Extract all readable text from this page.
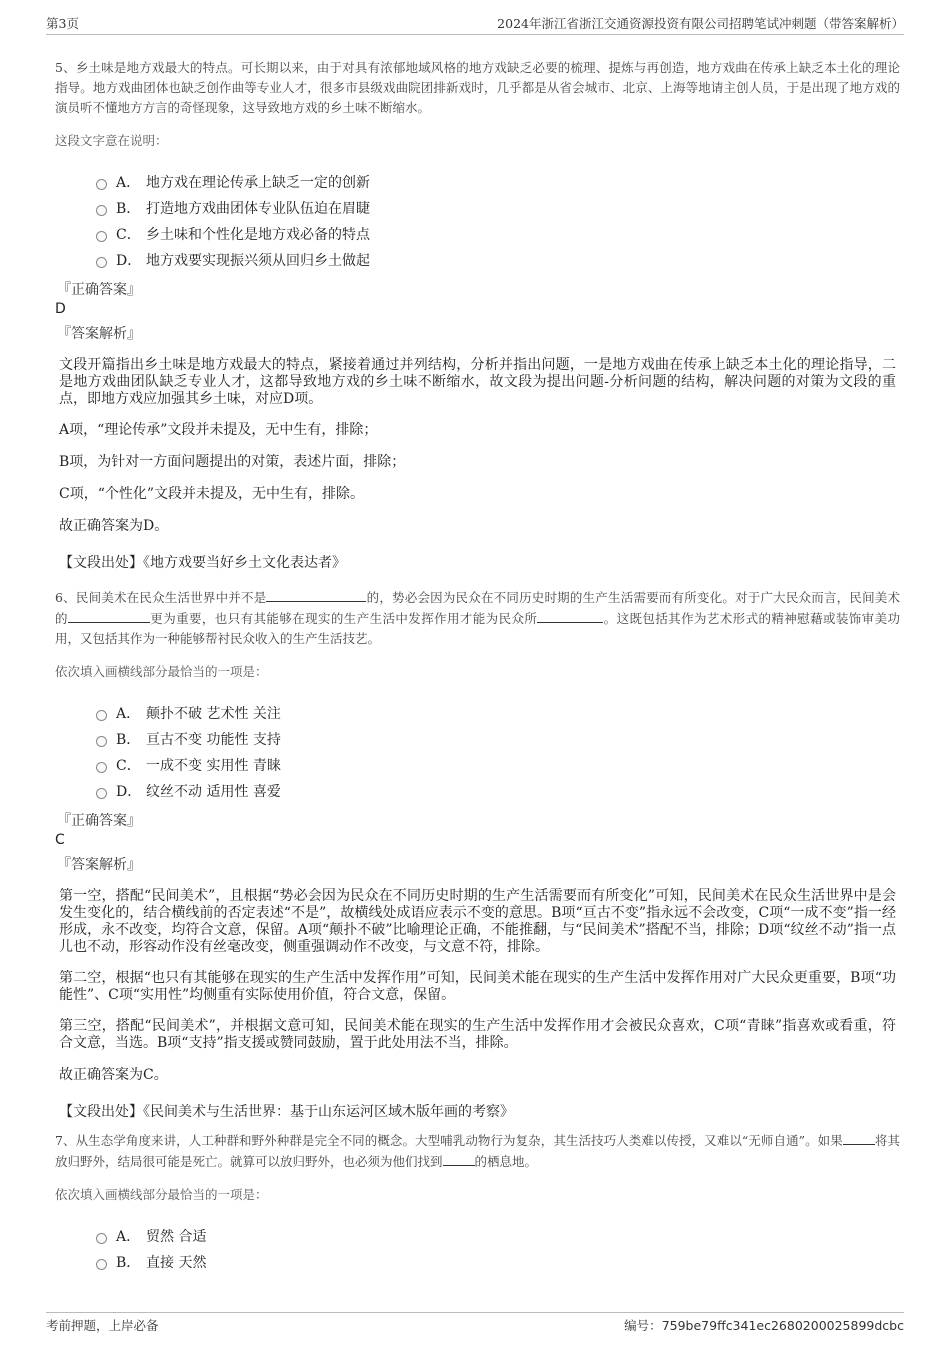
第3页	2024年浙江省浙江交通资源投资有限公司招聘笔试冲刺题（带答案解析）

5、乡土味是地方戏最大的特点。可长期以来，由于对具有浓郁地域风格的地方戏缺乏必要的梳理、提炼与再创造，地方戏曲在传承上缺乏本土化的理论指导。地方戏曲团体也缺乏创作曲等专业人才，很多市县级戏曲院团排新戏时，几乎都是从省会城市、北京、上海等地请主创人员，于是出现了地方戏的演员听不懂地方方言的奇怪现象，这导致地方戏的乡土味不断缩水。

这段文字意在说明：

A． 地方戏在理论传承上缺乏一定的创新
B． 打造地方戏曲团体专业队伍迫在眉睫
C． 乡土味和个性化是地方戏必备的特点
D． 地方戏要实现振兴须从回归乡土做起
『正确答案』
D
『答案解析』

文段开篇指出乡土味是地方戏最大的特点，紧接着通过并列结构，分析并指出问题，一是地方戏曲在传承上缺乏本土化的理论指导，二是地方戏曲团队缺乏专业人才，这都导致地方戏的乡土味不断缩水，故文段为提出问题-分析问题的结构，解决问题的对策为文段的重点，即地方戏应加强其乡土味，对应D项。

A项，“理论传承”文段并未提及，无中生有，排除；

B项，为针对一方面问题提出的对策，表述片面，排除；

C项，“个性化”文段并未提及，无中生有，排除。

故正确答案为D。

【文段出处】《地方戏要当好乡土文化表达者》

6、民间美术在民众生活世界中并不是	的，势必会因为民众在不同历史时期的生产生活需要而有所变化。对于广大民众而言，民间美术的	更为重要，也只有其能够在现实的生产生活中发挥作用才能为民众所	。这既包括其作为艺术形式的精神慰藉或装饰审美功用，又包括其作为一种能够帮衬民众收入的生产生活技艺。

依次填入画横线部分最恰当的一项是：

A． 颠扑不破 艺术性 关注
B． 亘古不变 功能性 支持
C． 一成不变 实用性 青睐
D． 纹丝不动 适用性 喜爱
『正确答案』
C
『答案解析』

第一空，搭配“民间美术”，且根据“势必会因为民众在不同历史时期的生产生活需要而有所变化”可知，民间美术在民众生活世界中是会发生变化的，结合横线前的否定表述“不是”，故横线处成语应表示不变的意思。B项“亘古不变”指永远不会改变，C项“一成不变”指一经形成，永不改变，均符合文意，保留。A项“颠扑不破”比喻理论正确，不能推翻，与“民间美术”搭配不当，排除；D项“纹丝不动”指一点儿也不动，形容动作没有丝毫改变，侧重强调动作不改变，与文意不符，排除。

第二空，根据“也只有其能够在现实的生产生活中发挥作用”可知，民间美术能在现实的生产生活中发挥作用对广大民众更重要，B项“功能性”、C项“实用性”均侧重有实际使用价值，符合文意，保留。

第三空，搭配“民间美术”，并根据文意可知，民间美术能在现实的生产生活中发挥作用才会被民众喜欢，C项“青睐”指喜欢或看重，符合文意，当选。B项“支持”指支援或赞同鼓励，置于此处用法不当，排除。

故正确答案为C。

【文段出处】《民间美术与生活世界：基于山东运河区域木版年画的考察》

7、从生态学角度来讲，人工种群和野外种群是完全不同的概念。大型哺乳动物行为复杂，其生活技巧人类难以传授，又难以“无师自通”。如果	将其放归野外，结局很可能是死亡。就算可以放归野外，也必须为他们找到	的栖息地。

依次填入画横线部分最恰当的一项是：

A． 贸然 合适
B． 直接 天然
考前押题，上岸必备	编号：759be79ffc341ec2680200025899dcbc
